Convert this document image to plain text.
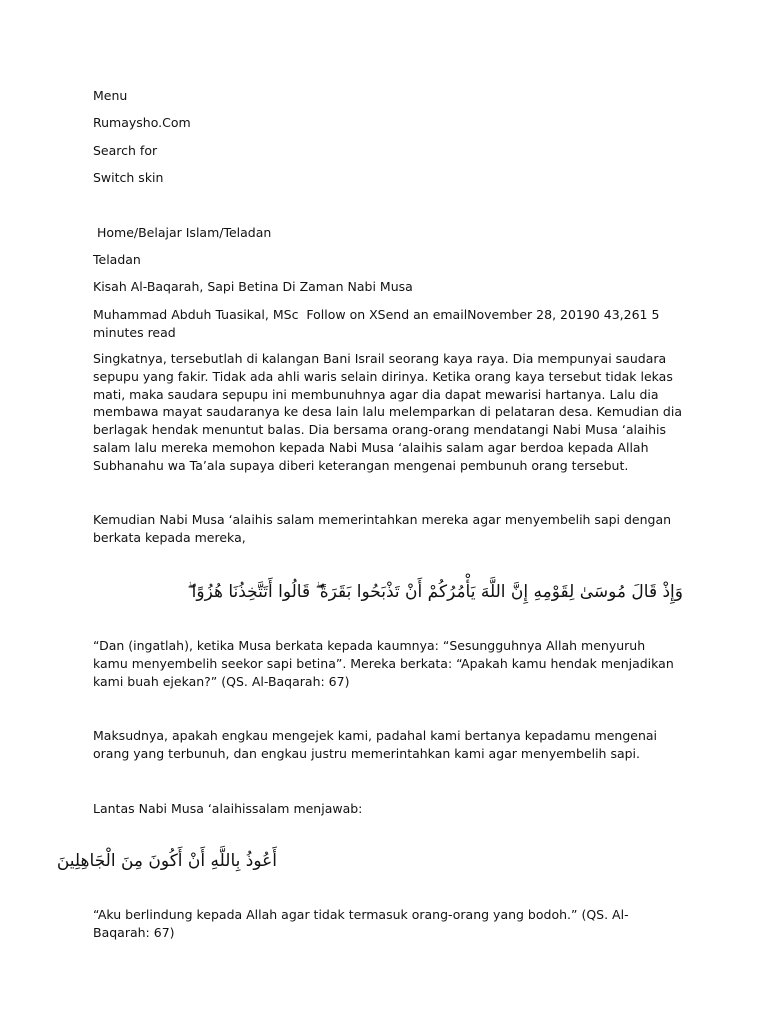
Menu
Rumaysho.Com
Search for
Switch skin
Home/Belajar Islam/Teladan
Teladan
Kisah Al-Baqarah, Sapi Betina Di Zaman Nabi Musa
Muhammad Abduh Tuasikal, MSc  Follow on XSend an emailNovember 28, 20190 43,261 5 minutes read
Singkatnya, tersebutlah di kalangan Bani Israil seorang kaya raya. Dia mempunyai saudara sepupu yang fakir. Tidak ada ahli waris selain dirinya. Ketika orang kaya tersebut tidak lekas mati, maka saudara sepupu ini membunuhnya agar dia dapat mewarisi hartanya. Lalu dia membawa mayat saudaranya ke desa lain lalu melemparkan di pelataran desa. Kemudian dia berlagak hendak menuntut balas. Dia bersama orang-orang mendatangi Nabi Musa ‘alaihis salam lalu mereka memohon kepada Nabi Musa ‘alaihis salam agar berdoa kepada Allah Subhanahu wa Ta’ala supaya diberi keterangan mengenai pembunuh orang tersebut.
Kemudian Nabi Musa ‘alaihis salam memerintahkan mereka agar menyembelih sapi dengan berkata kepada mereka,
وَإِذْ قَالَ مُوسَىٰ لِقَوْمِهِ إِنَّ اللَّهَ يَأْمُرُكُمْ أَنْ تَذْبَحُوا بَقَرَةً ۖ قَالُوا أَتَتَّخِذُنَا هُزُوًا ۖ
“Dan (ingatlah), ketika Musa berkata kepada kaumnya: “Sesungguhnya Allah menyuruh kamu menyembelih seekor sapi betina”. Mereka berkata: “Apakah kamu hendak menjadikan kami buah ejekan?” (QS. Al-Baqarah: 67)
Maksudnya, apakah engkau mengejek kami, padahal kami bertanya kepadamu mengenai orang yang terbunuh, dan engkau justru memerintahkan kami agar menyembelih sapi.
Lantas Nabi Musa ‘alaihissalam menjawab:
أَعُوذُ بِاللَّهِ أَنْ أَكُونَ مِنَ الْجَاهِلِينَ
“Aku berlindung kepada Allah agar tidak termasuk orang-orang yang bodoh.” (QS. Al-Baqarah: 67)
